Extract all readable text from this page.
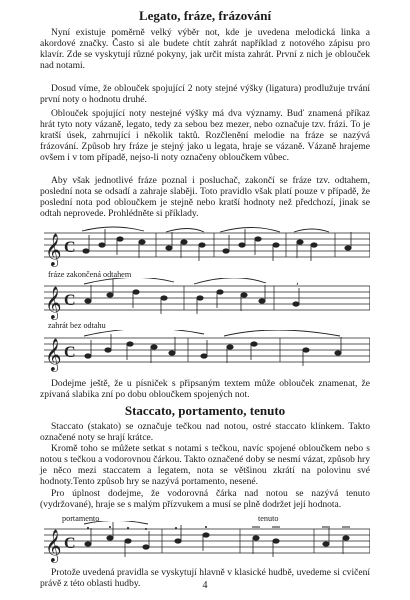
Legato, fráze, frázování

Nyní existuje poměrně velký výběr not, kde je uvedena melodická linka a akordové značky. Často si ale budete chtít zahrát například z notového zápisu pro klavír. Zde se vyskytují různé pokyny, jak určit místa zahrát. První z nich je oblouček nad notami.

Dosud víme, že oblouček spojující 2 noty stejné výšky (ligatura) prodlužuje trvání první noty o hodnotu druhé.

Oblouček spojující noty nestejné výšky má dva významy. Buď znamená příkaz hrát tyto noty vázaně, legato, tedy za sebou bez mezer, nebo označuje tzv. frázi. To je kratší úsek, zahrnující i několik taktů. Rozčlenění melodie na fráze se nazývá frázování. Způsob hry fráze je stejný jako u legata, hraje se vázaně. Vázaně hrajeme ovšem i v tom případě, nejso-li noty označeny obloučkem vůbec.

Aby však jednotlivé fráze poznal i posluchač, zakončí se fráze tzv. odtahem, poslední nota se odsadí a zahraje slaběji. Toto pravidlo však platí pouze v případě, že poslední nota pod obloučkem je stejně nebo kratší hodnoty než předchozí, jinak se odtah neprovede. Prohlédněte si příklady.

𝄞 C
fráze zakončená odtahem
𝄞 C
,
zahrát bez odtahu
𝄞 C

Dodejme ještě, že u písniček s připsaným textem může oblouček znamenat, že zpívaná slabika zní po dobu obloučkem spojených not.

Staccato, portamento, tenuto

Staccato (stakato) se označuje tečkou nad notou, ostré staccato klínkem. Takto označené noty se hrají krátce.

Kromě toho se můžete setkat s notami s tečkou, navíc spojené obloučkem nebo s notou s tečkou a vodorovnou čárkou. Takto označené doby se nesmí vázat, způsob hry je něco mezi staccatem a legatem, nota se většinou zkrátí na polovinu své hodnoty.Tento způsob hry se nazývá portamento, nesené.

Pro úplnost dodejme, že vodorovná čárka nad notou se nazývá tenuto (vydržované), hraje se s malým přízvukem a musí se plně dodržet její hodnota.

portamento	tenuto
𝄞 C

Protože uvedená pravidla se vyskytují hlavně v klasické hudbě, uvedeme si cvičení právě z této oblasti hudby.	4
